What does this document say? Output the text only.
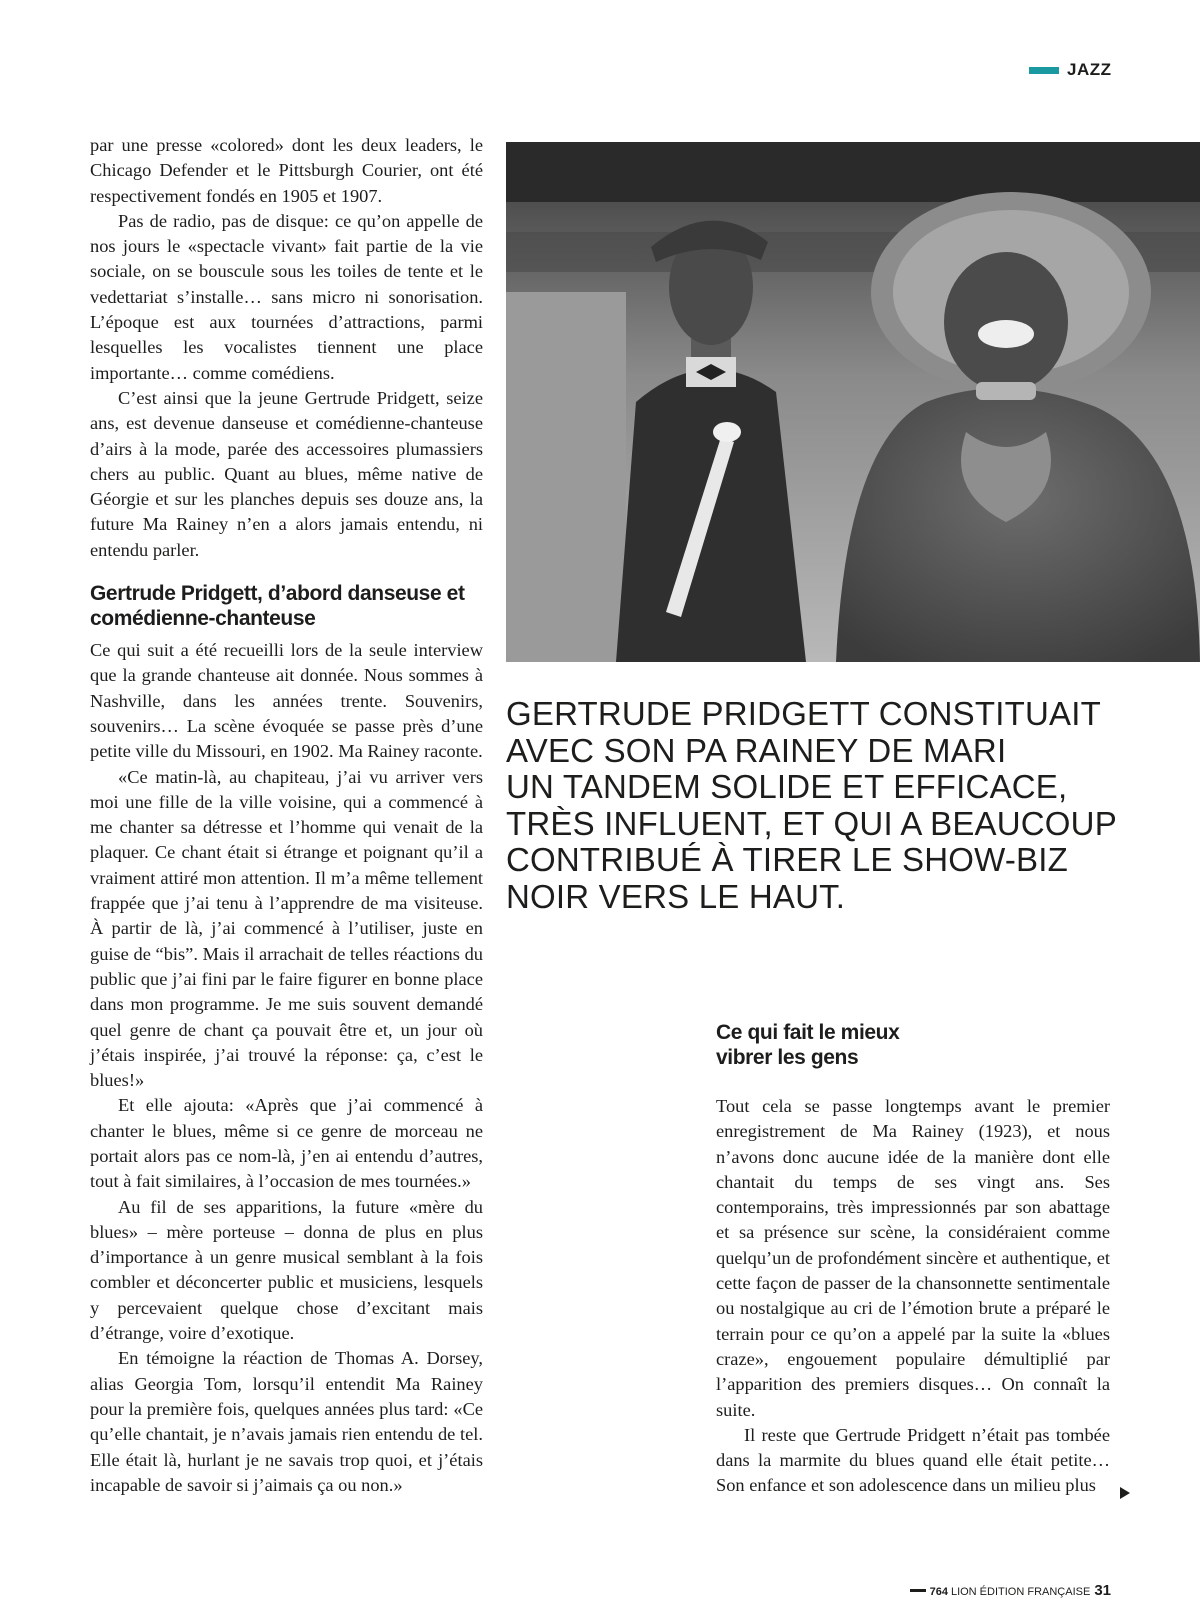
JAZZ

par une presse «colored» dont les deux leaders, le Chicago Defender et le Pittsburgh Courier, ont été respectivement fondés en 1905 et 1907.

Pas de radio, pas de disque: ce qu’on appelle de nos jours le «spectacle vivant» fait partie de la vie sociale, on se bouscule sous les toiles de tente et le vedettariat s’installe… sans micro ni sonorisation. L’époque est aux tournées d’attractions, parmi lesquelles les vocalistes tiennent une place importante… comme comédiens.

C’est ainsi que la jeune Gertrude Pridgett, seize ans, est devenue danseuse et comédienne-chanteuse d’airs à la mode, parée des accessoires plumassiers chers au public. Quant au blues, même native de Géorgie et sur les planches depuis ses douze ans, la future Ma Rainey n’en a alors jamais entendu, ni entendu parler.

Gertrude Pridgett, d’abord danseuse et comédienne-chanteuse

Ce qui suit a été recueilli lors de la seule interview que la grande chanteuse ait donnée. Nous sommes à Nashville, dans les années trente. Souvenirs, souvenirs… La scène évoquée se passe près d’une petite ville du Missouri, en 1902. Ma Rainey raconte.

«Ce matin-là, au chapiteau, j’ai vu arriver vers moi une fille de la ville voisine, qui a commencé à me chanter sa détresse et l’homme qui venait de la plaquer. Ce chant était si étrange et poignant qu’il a vraiment attiré mon attention. Il m’a même tellement frappée que j’ai tenu à l’apprendre de ma visiteuse. À partir de là, j’ai commencé à l’utiliser, juste en guise de “bis”. Mais il arrachait de telles réactions du public que j’ai fini par le faire figurer en bonne place dans mon programme. Je me suis souvent demandé quel genre de chant ça pouvait être et, un jour où j’étais inspirée, j’ai trouvé la réponse: ça, c’est le blues!»

Et elle ajouta: «Après que j’ai commencé à chanter le blues, même si ce genre de morceau ne portait alors pas ce nom-là, j’en ai entendu d’autres, tout à fait similaires, à l’occasion de mes tournées.»

Au fil de ses apparitions, la future «mère du blues» – mère porteuse – donna de plus en plus d’importance à un genre musical semblant à la fois combler et déconcerter public et musiciens, lesquels y percevaient quelque chose d’excitant mais d’étrange, voire d’exotique.

En témoigne la réaction de Thomas A. Dorsey, alias Georgia Tom, lorsqu’il entendit Ma Rainey pour la première fois, quelques années plus tard: «Ce qu’elle chantait, je n’avais jamais rien entendu de tel. Elle était là, hurlant je ne savais trop quoi, et j’étais incapable de savoir si j’aimais ça ou non.»

GERTRUDE PRIDGETT CONSTITUAIT
AVEC SON PA RAINEY DE MARI
UN TANDEM SOLIDE ET EFFICACE,
TRÈS INFLUENT, ET QUI A BEAUCOUP
CONTRIBUÉ À TIRER LE SHOW-BIZ
NOIR VERS LE HAUT.
Ce qui fait le mieux vibrer les gens

Tout cela se passe longtemps avant le premier enregistrement de Ma Rainey (1923), et nous n’avons donc aucune idée de la manière dont elle chantait du temps de ses vingt ans. Ses contemporains, très impressionnés par son abattage et sa présence sur scène, la considéraient comme quelqu’un de profondément sincère et authentique, et cette façon de passer de la chansonnette sentimentale ou nostalgique au cri de l’émotion brute a préparé le terrain pour ce qu’on a appelé par la suite la «blues craze», engouement populaire démultiplié par l’apparition des premiers disques… On connaît la suite.

Il reste que Gertrude Pridgett n’était pas tombée dans la marmite du blues quand elle était petite… Son enfance et son adolescence dans un milieu plus

764 LION ÉDITION FRANÇAISE 31
